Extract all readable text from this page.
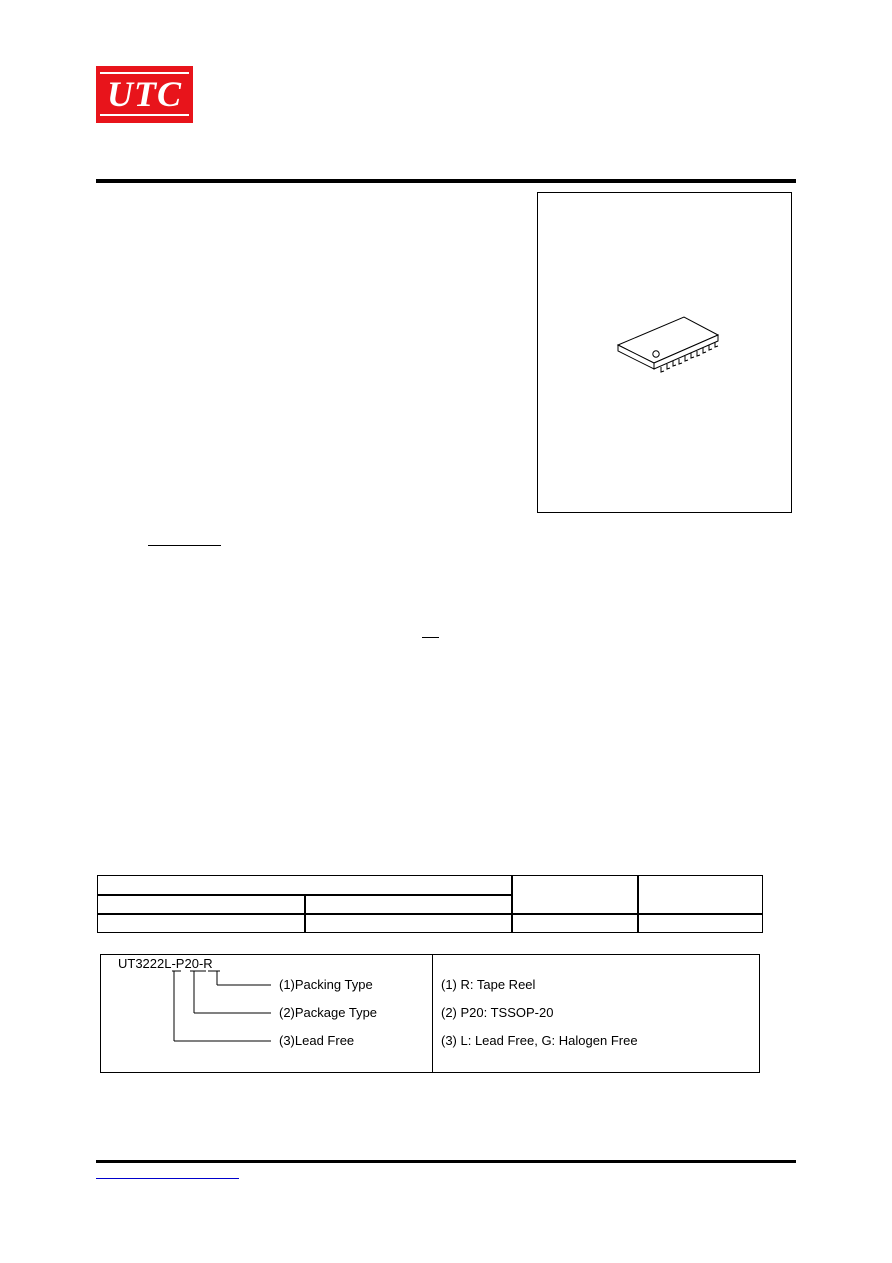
UTC
UT3222L-P20-R
(1)Packing Type
(2)Package Type
(3)Lead Free
(1) R: Tape Reel
(2) P20: TSSOP-20
(3) L: Lead Free, G: Halogen Free
